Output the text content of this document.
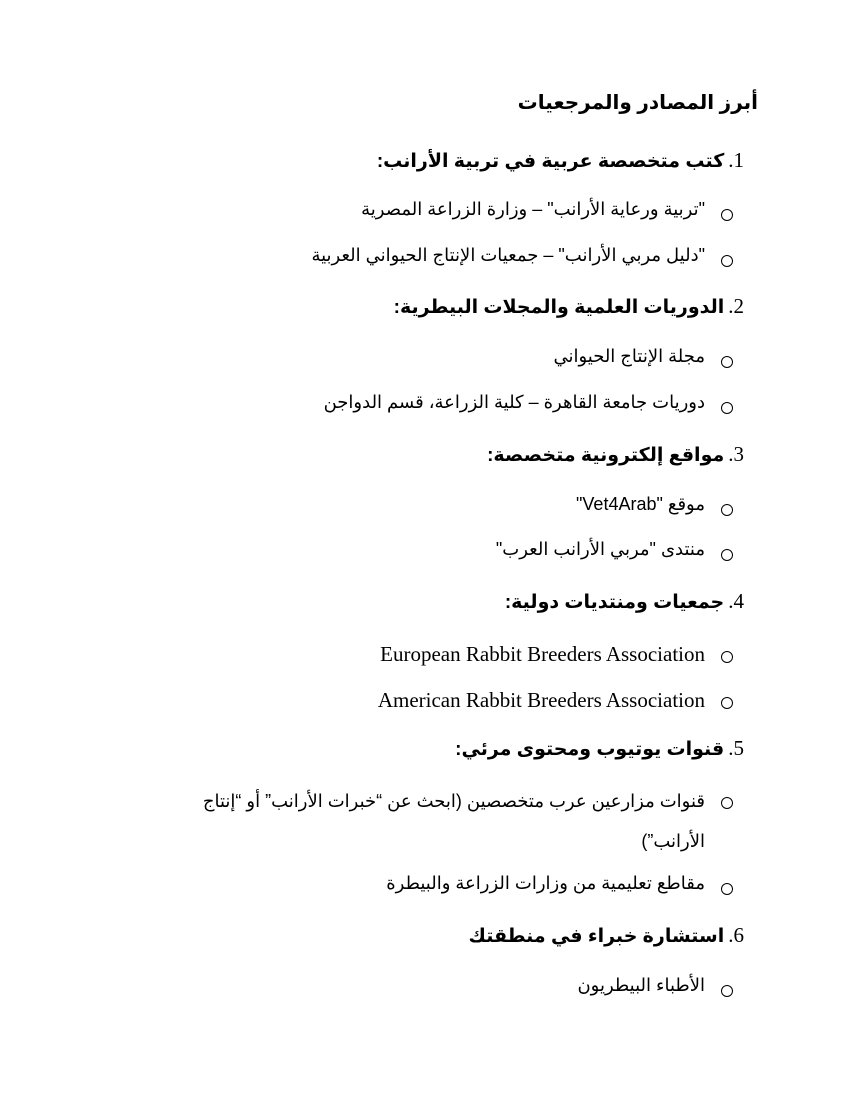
أبرز المصادر والمرجعيات
1.كتب متخصصة عربية في تربية الأرانب:
"تربية ورعاية الأرانب" – وزارة الزراعة المصرية
"دليل مربي الأرانب" – جمعيات الإنتاج الحيواني العربية
2.الدوريات العلمية والمجلات البيطرية:
مجلة الإنتاج الحيواني
دوريات جامعة القاهرة – كلية الزراعة، قسم الدواجن
3.مواقع إلكترونية متخصصة:
موقع "Vet4Arab"
منتدى "مربي الأرانب العرب"
4.جمعيات ومنتديات دولية:
European Rabbit Breeders Association
American Rabbit Breeders Association
5.قنوات يوتيوب ومحتوى مرئي:
قنوات مزارعين عرب متخصصين (ابحث عن “خبرات الأرانب” أو “إنتاج الأرانب”)
مقاطع تعليمية من وزارات الزراعة والبيطرة
6.استشارة خبراء في منطقتك
الأطباء البيطريون
